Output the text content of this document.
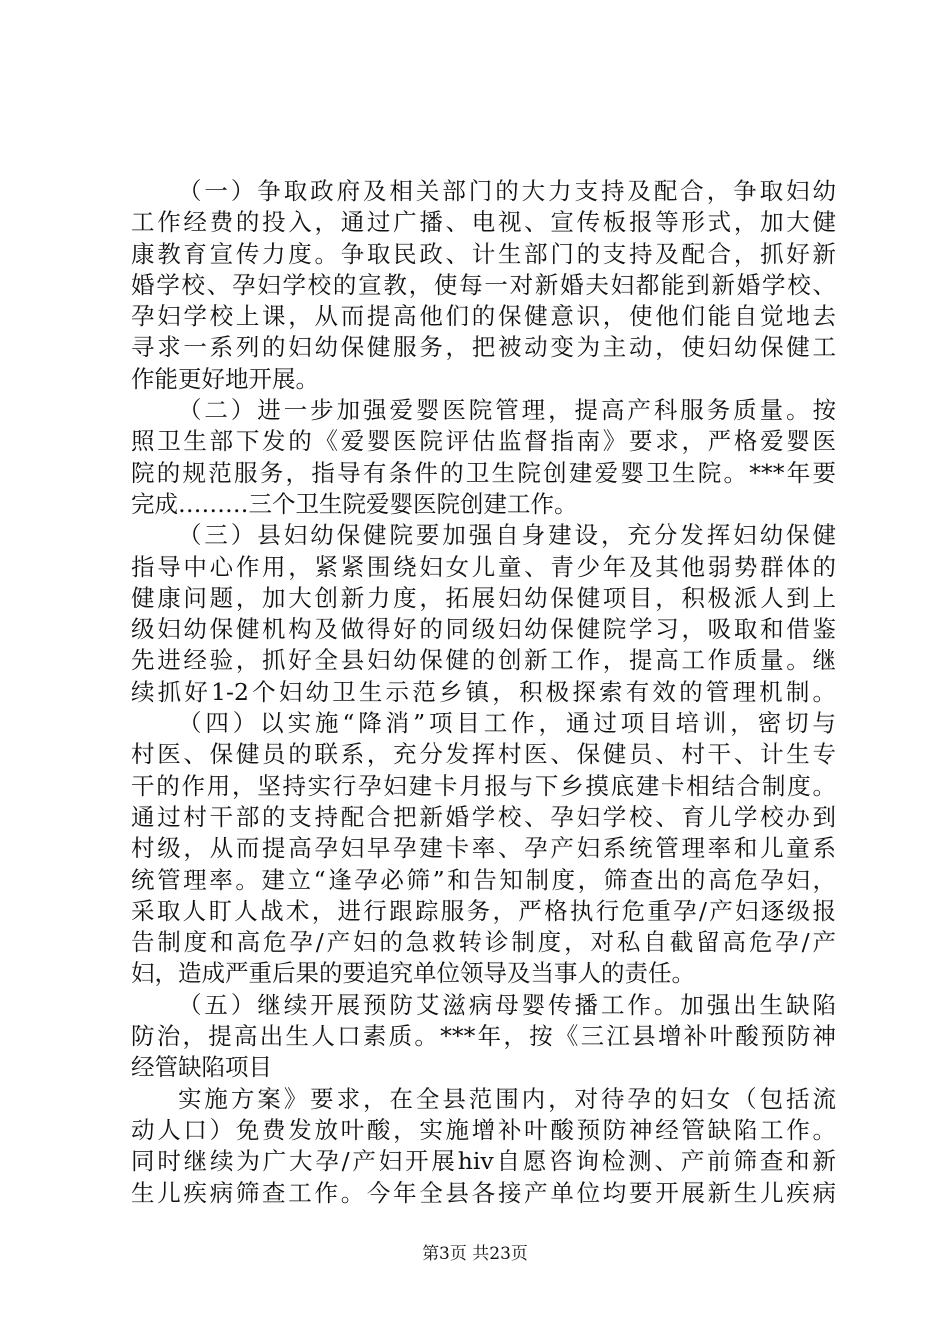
（一）争取政府及相关部门的大力支持及配合，争取妇幼
工作经费的投入，通过广播、电视、宣传板报等形式，加大健
康教育宣传力度。争取民政、计生部门的支持及配合，抓好新
婚学校、孕妇学校的宣教，使每一对新婚夫妇都能到新婚学校、
孕妇学校上课，从而提高他们的保健意识，使他们能自觉地去
寻求一系列的妇幼保健服务，把被动变为主动，使妇幼保健工
作能更好地开展。
（二）进一步加强爱婴医院管理，提高产科服务质量。按
照卫生部下发的《爱婴医院评估监督指南》要求，严格爱婴医
院的规范服务，指导有条件的卫生院创建爱婴卫生院。***年要
完成………三个卫生院爱婴医院创建工作。
（三）县妇幼保健院要加强自身建设，充分发挥妇幼保健
指导中心作用，紧紧围绕妇女儿童、青少年及其他弱势群体的
健康问题，加大创新力度，拓展妇幼保健项目，积极派人到上
级妇幼保健机构及做得好的同级妇幼保健院学习，吸取和借鉴
先进经验，抓好全县妇幼保健的创新工作，提高工作质量。继
续抓好1-2个妇幼卫生示范乡镇，积极探索有效的管理机制。
（四）以实施“降消”项目工作，通过项目培训，密切与
村医、保健员的联系，充分发挥村医、保健员、村干、计生专
干的作用，坚持实行孕妇建卡月报与下乡摸底建卡相结合制度。
通过村干部的支持配合把新婚学校、孕妇学校、育儿学校办到
村级，从而提高孕妇早孕建卡率、孕产妇系统管理率和儿童系
统管理率。建立“逢孕必筛”和告知制度，筛查出的高危孕妇，
采取人盯人战术，进行跟踪服务，严格执行危重孕/产妇逐级报
告制度和高危孕/产妇的急救转诊制度，对私自截留高危孕/产
妇，造成严重后果的要追究单位领导及当事人的责任。
（五）继续开展预防艾滋病母婴传播工作。加强出生缺陷
防治，提高出生人口素质。***年，按《三江县增补叶酸预防神
经管缺陷项目
实施方案》要求，在全县范围内，对待孕的妇女（包括流
动人口）免费发放叶酸，实施增补叶酸预防神经管缺陷工作。
同时继续为广大孕/产妇开展hiv自愿咨询检测、产前筛查和新
生儿疾病筛查工作。今年全县各接产单位均要开展新生儿疾病
第3页 共23页
